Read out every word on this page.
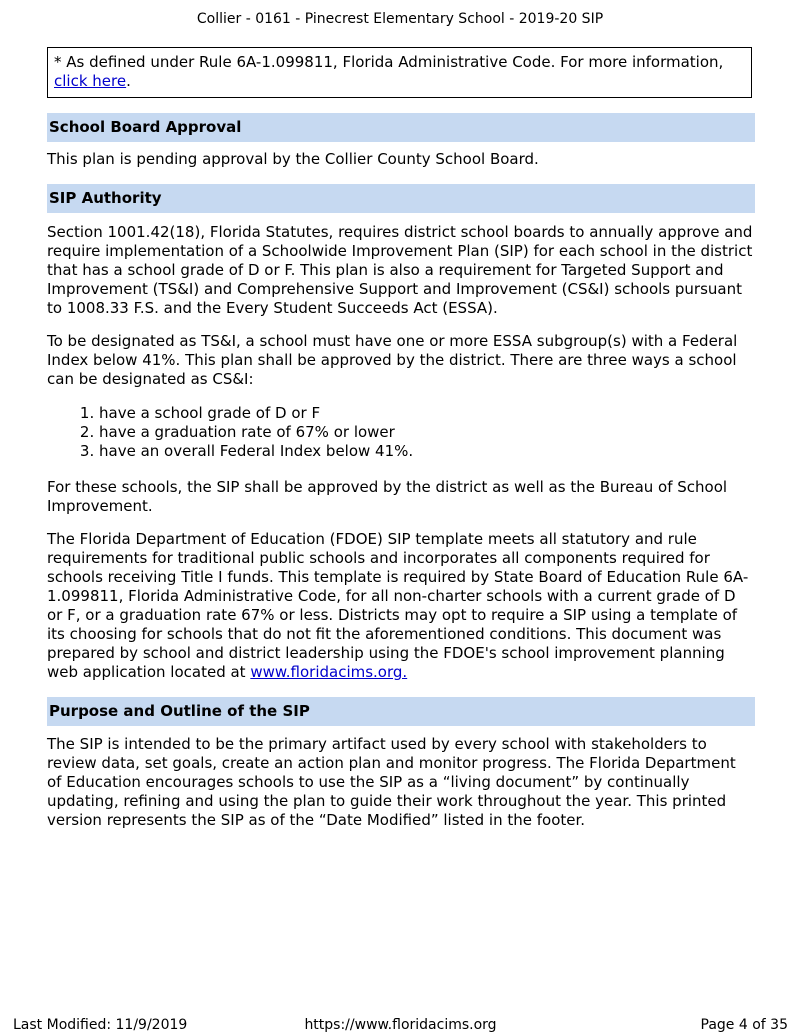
Collier - 0161 - Pinecrest Elementary School - 2019-20 SIP
* As defined under Rule 6A-1.099811, Florida Administrative Code. For more information, click here.
School Board Approval

This plan is pending approval by the Collier County School Board.

SIP Authority

Section 1001.42(18), Florida Statutes, requires district school boards to annually approve and require implementation of a Schoolwide Improvement Plan (SIP) for each school in the district that has a school grade of D or F. This plan is also a requirement for Targeted Support and Improvement (TS&I) and Comprehensive Support and Improvement (CS&I) schools pursuant to 1008.33 F.S. and the Every Student Succeeds Act (ESSA).

To be designated as TS&I, a school must have one or more ESSA subgroup(s) with a Federal Index below 41%. This plan shall be approved by the district. There are three ways a school can be designated as CS&I:

1. have a school grade of D or F
2. have a graduation rate of 67% or lower
3. have an overall Federal Index below 41%.

For these schools, the SIP shall be approved by the district as well as the Bureau of School Improvement.

The Florida Department of Education (FDOE) SIP template meets all statutory and rule requirements for traditional public schools and incorporates all components required for schools receiving Title I funds. This template is required by State Board of Education Rule 6A-1.099811, Florida Administrative Code, for all non-charter schools with a current grade of D or F, or a graduation rate 67% or less. Districts may opt to require a SIP using a template of its choosing for schools that do not fit the aforementioned conditions. This document was prepared by school and district leadership using the FDOE's school improvement planning web application located at www.floridacims.org.

Purpose and Outline of the SIP

The SIP is intended to be the primary artifact used by every school with stakeholders to review data, set goals, create an action plan and monitor progress. The Florida Department of Education encourages schools to use the SIP as a “living document” by continually updating, refining and using the plan to guide their work throughout the year. This printed version represents the SIP as of the “Date Modified” listed in the footer.

Last Modified: 11/9/2019	https://www.floridacims.org	Page 4 of 35
